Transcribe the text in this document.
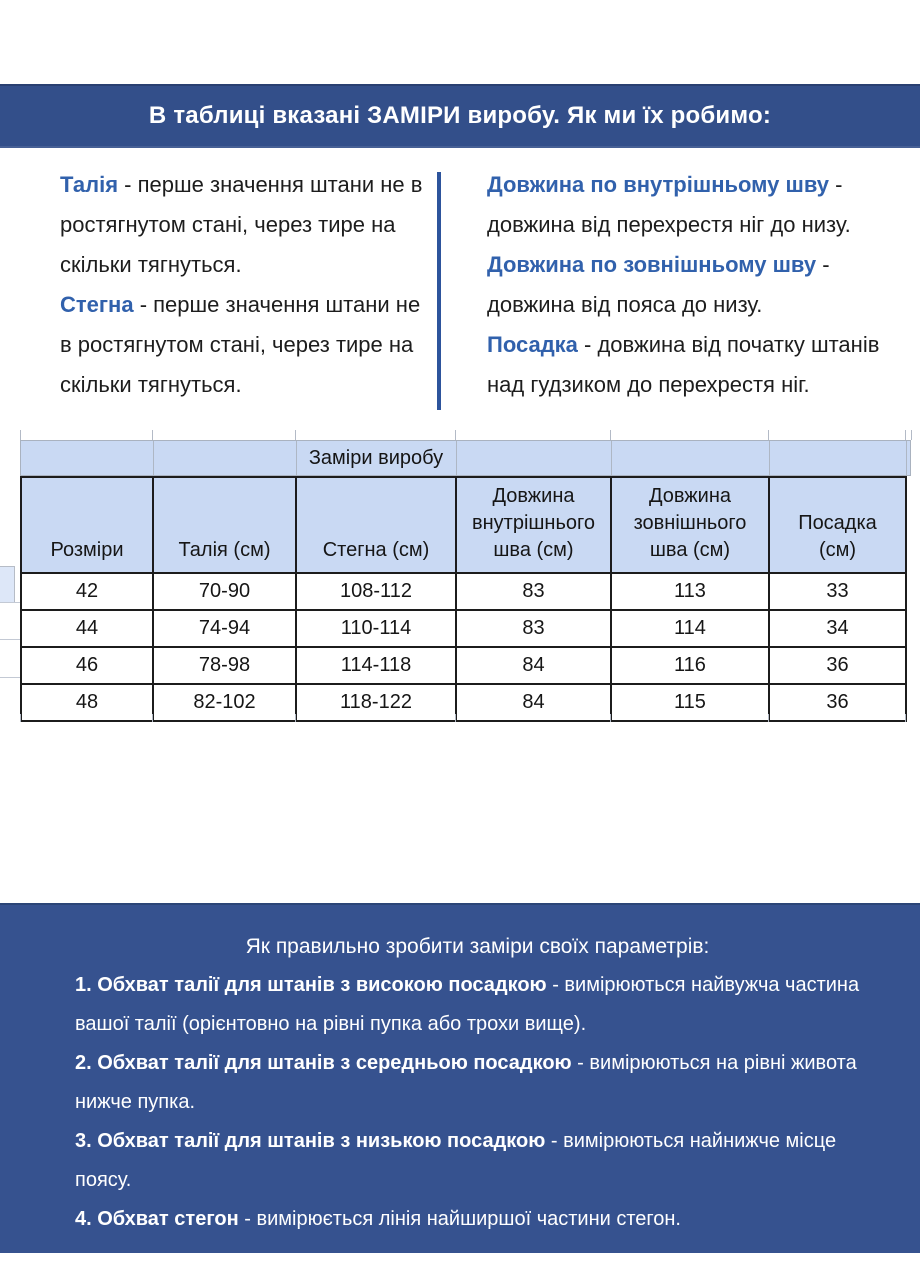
В таблиці вказані ЗАМІРИ виробу. Як ми їх робимо:

Талія - перше значення штани не в ростягнутом стані, через тире на скільки тягнуться.

Стегна - перше значення штани не в ростягнутом стані, через тире на скільки тягнуться.

Довжина по внутрішньому шву - довжина від перехрестя ніг до низу.

Довжина по зовнішньому шву - довжина від пояса до низу.

Посадка - довжина від початку штанів над гудзиком до перехрестя ніг.

Заміри виробу
Розміри	Талія (см)	Стегна (см)	Довжина внутрішнього шва (см)	Довжина зовнішнього шва (см)	Посадка (см)
42	70-90	108-112	83	113	33
44	74-94	110-114	83	114	34
46	78-98	114-118	84	116	36
48	82-102	118-122	84	115	36

Як правильно зробити заміри своїх параметрів:

1. Обхват талії для штанів з високою посадкою - вимірюються найвужча частина вашої талії (орієнтовно на рівні пупка або трохи вище).

2. Обхват талії для штанів з середньою посадкою - вимірюються на рівні живота нижче пупка.

3. Обхват талії для штанів з низькою посадкою - вимірюються найнижче місце поясу.

4. Обхват стегон - вимірюється лінія найширшої частини стегон.
